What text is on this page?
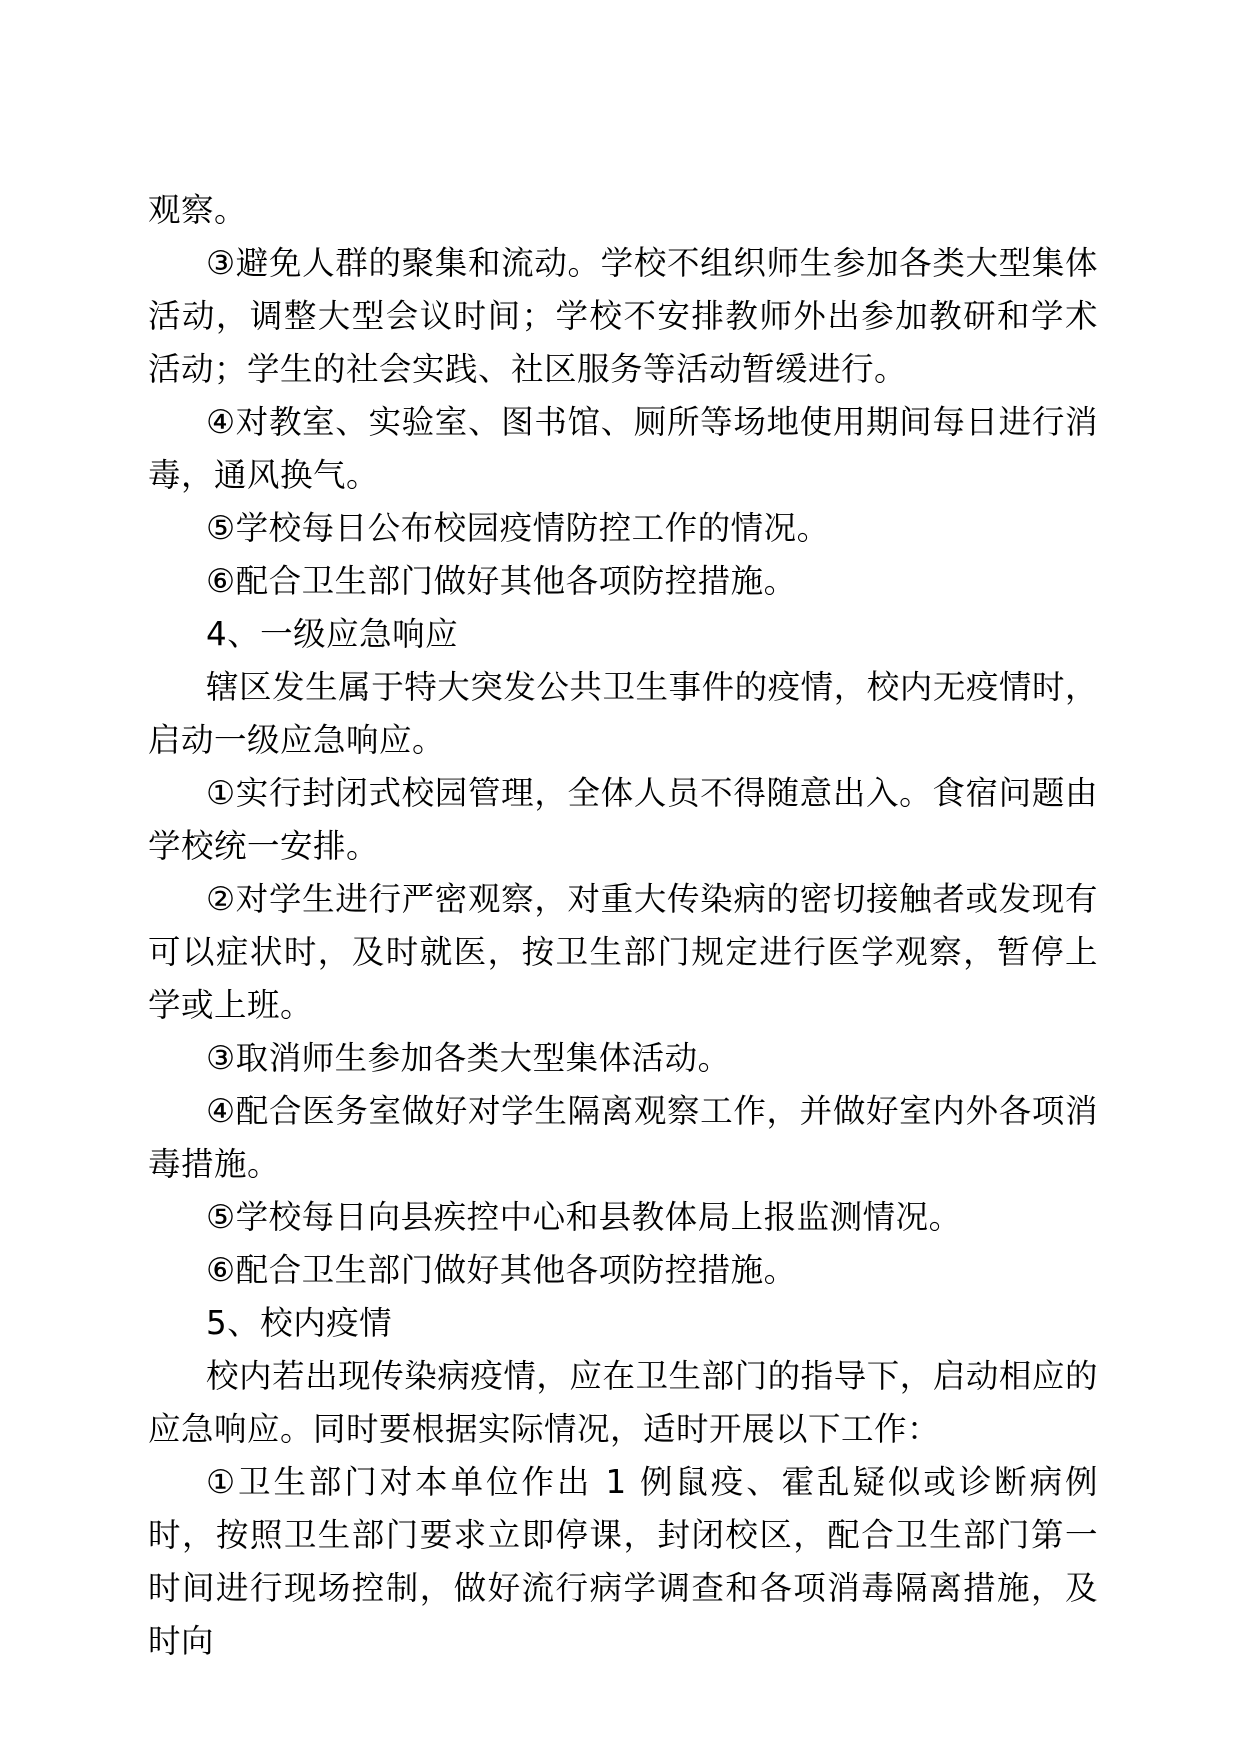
观察。

③避免人群的聚集和流动。学校不组织师生参加各类大型集体活动，调整大型会议时间；学校不安排教师外出参加教研和学术活动；学生的社会实践、社区服务等活动暂缓进行。

④对教室、实验室、图书馆、厕所等场地使用期间每日进行消毒，通风换气。

⑤学校每日公布校园疫情防控工作的情况。

⑥配合卫生部门做好其他各项防控措施。

4、一级应急响应

辖区发生属于特大突发公共卫生事件的疫情，校内无疫情时，启动一级应急响应。

①实行封闭式校园管理，全体人员不得随意出入。食宿问题由学校统一安排。

②对学生进行严密观察，对重大传染病的密切接触者或发现有可以症状时，及时就医，按卫生部门规定进行医学观察，暂停上学或上班。

③取消师生参加各类大型集体活动。

④配合医务室做好对学生隔离观察工作，并做好室内外各项消毒措施。

⑤学校每日向县疾控中心和县教体局上报监测情况。

⑥配合卫生部门做好其他各项防控措施。

5、校内疫情

校内若出现传染病疫情，应在卫生部门的指导下，启动相应的应急响应。同时要根据实际情况，适时开展以下工作：

①卫生部门对本单位作出 1 例鼠疫、霍乱疑似或诊断病例时，按照卫生部门要求立即停课，封闭校区，配合卫生部门第一时间进行现场控制，做好流行病学调查和各项消毒隔离措施，及时向
